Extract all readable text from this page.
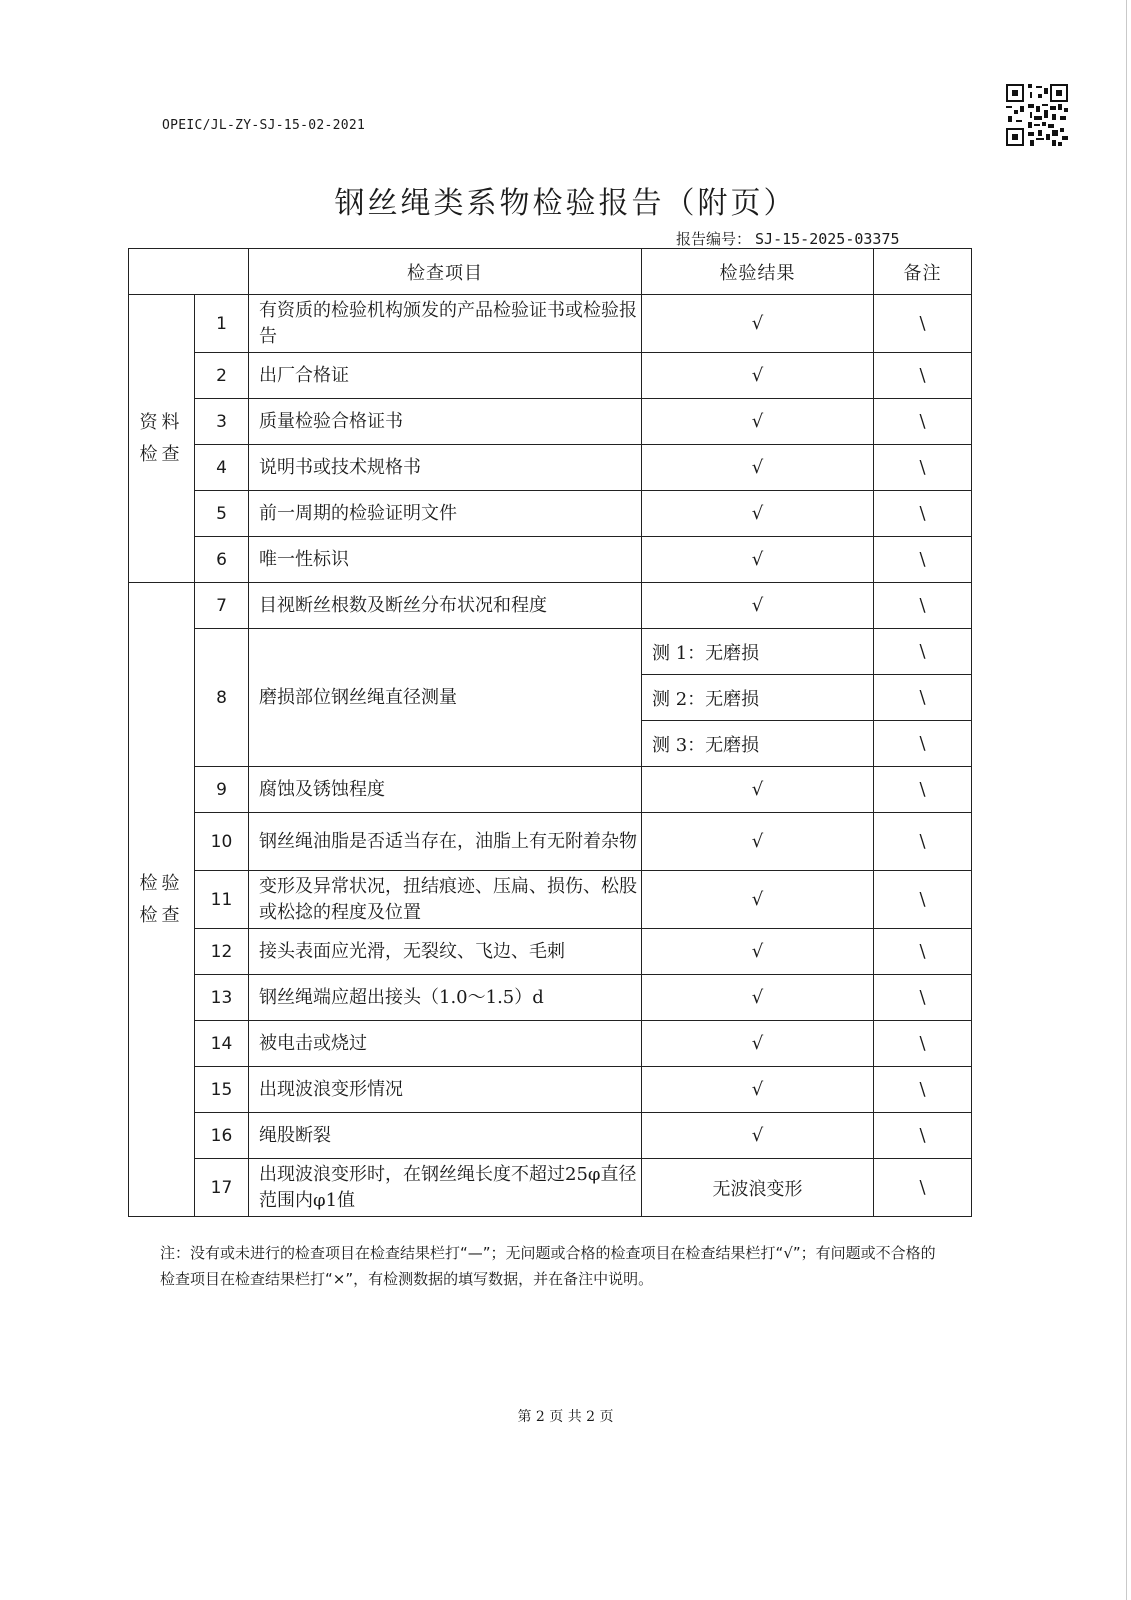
OPEIC/JL-ZY-SJ-15-02-2021
钢丝绳类系物检验报告（附页）
报告编号： SJ-15-2025-03375
		检查项目	检验结果	备注
资料
检查	1	有资质的检验机构颁发的产品检验证书或检验报告	√	\
	2	出厂合格证	√	\
	3	质量检验合格证书	√	\
	4	说明书或技术规格书	√	\
	5	前一周期的检验证明文件	√	\
	6	唯一性标识	√	\
检验
检查	7	目视断丝根数及断丝分布状况和程度	√	\
	8	磨损部位钢丝绳直径测量	测 1：无磨损	\
			测 2：无磨损	\
			测 3：无磨损	\
	9	腐蚀及锈蚀程度	√	\
	10	钢丝绳油脂是否适当存在，油脂上有无附着杂物	√	\
	11	变形及异常状况，扭结痕迹、压扁、损伤、松股或松捻的程度及位置	√	\
	12	接头表面应光滑，无裂纹、飞边、毛刺	√	\
	13	钢丝绳端应超出接头（1.0～1.5）d	√	\
	14	被电击或烧过	√	\
	15	出现波浪变形情况	√	\
	16	绳股断裂	√	\
	17	出现波浪变形时，在钢丝绳长度不超过25φ直径范围内φ1值	无波浪变形	\
注：没有或未进行的检查项目在检查结果栏打“—”；无问题或合格的检查项目在检查结果栏打“√”；有问题或不合格的检查项目在检查结果栏打“×”，有检测数据的填写数据，并在备注中说明。
第 2 页 共 2 页
